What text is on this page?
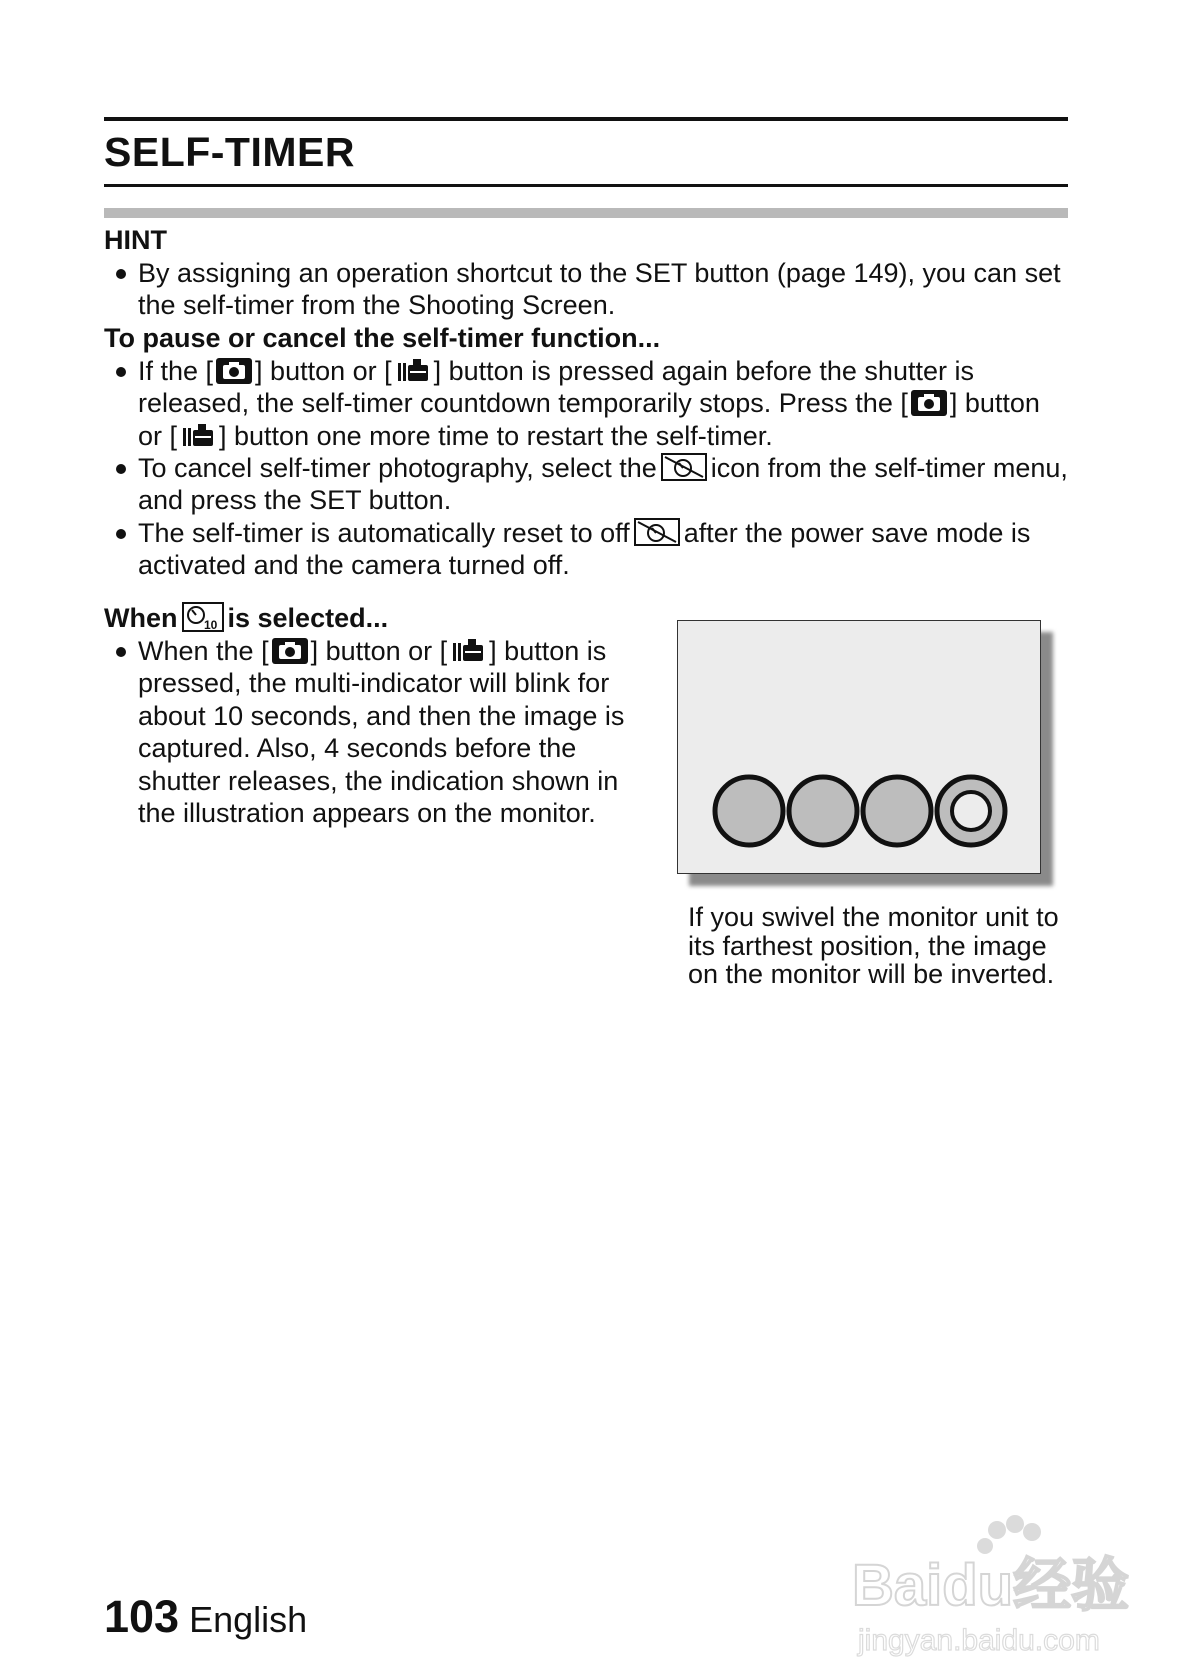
SELF-TIMER

HINT

By assigning an operation shortcut to the SET button (page 149), you can set the self-timer from the Shooting Screen.

To pause or cancel the self-timer function...

If the [ ] button or [ ] button is pressed again before the shutter is released, the self-timer countdown temporarily stops. Press the [ ] button or [ ] button one more time to restart the self-timer.
To cancel self-timer photography, select the icon from the self-timer menu, and press the SET button.
The self-timer is automatically reset to off after the power save mode is activated and the camera turned off.

When 10 is selected...

When the [ ] button or [ ] button is pressed, the multi-indicator will blink for about 10 seconds, and then the image is captured. Also, 4 seconds before the shutter releases, the indication shown in the illustration appears on the monitor.

If you swivel the monitor unit to its farthest position, the image on the monitor will be inverted.

103 English
Baidu经验
jingyan.baidu.com
